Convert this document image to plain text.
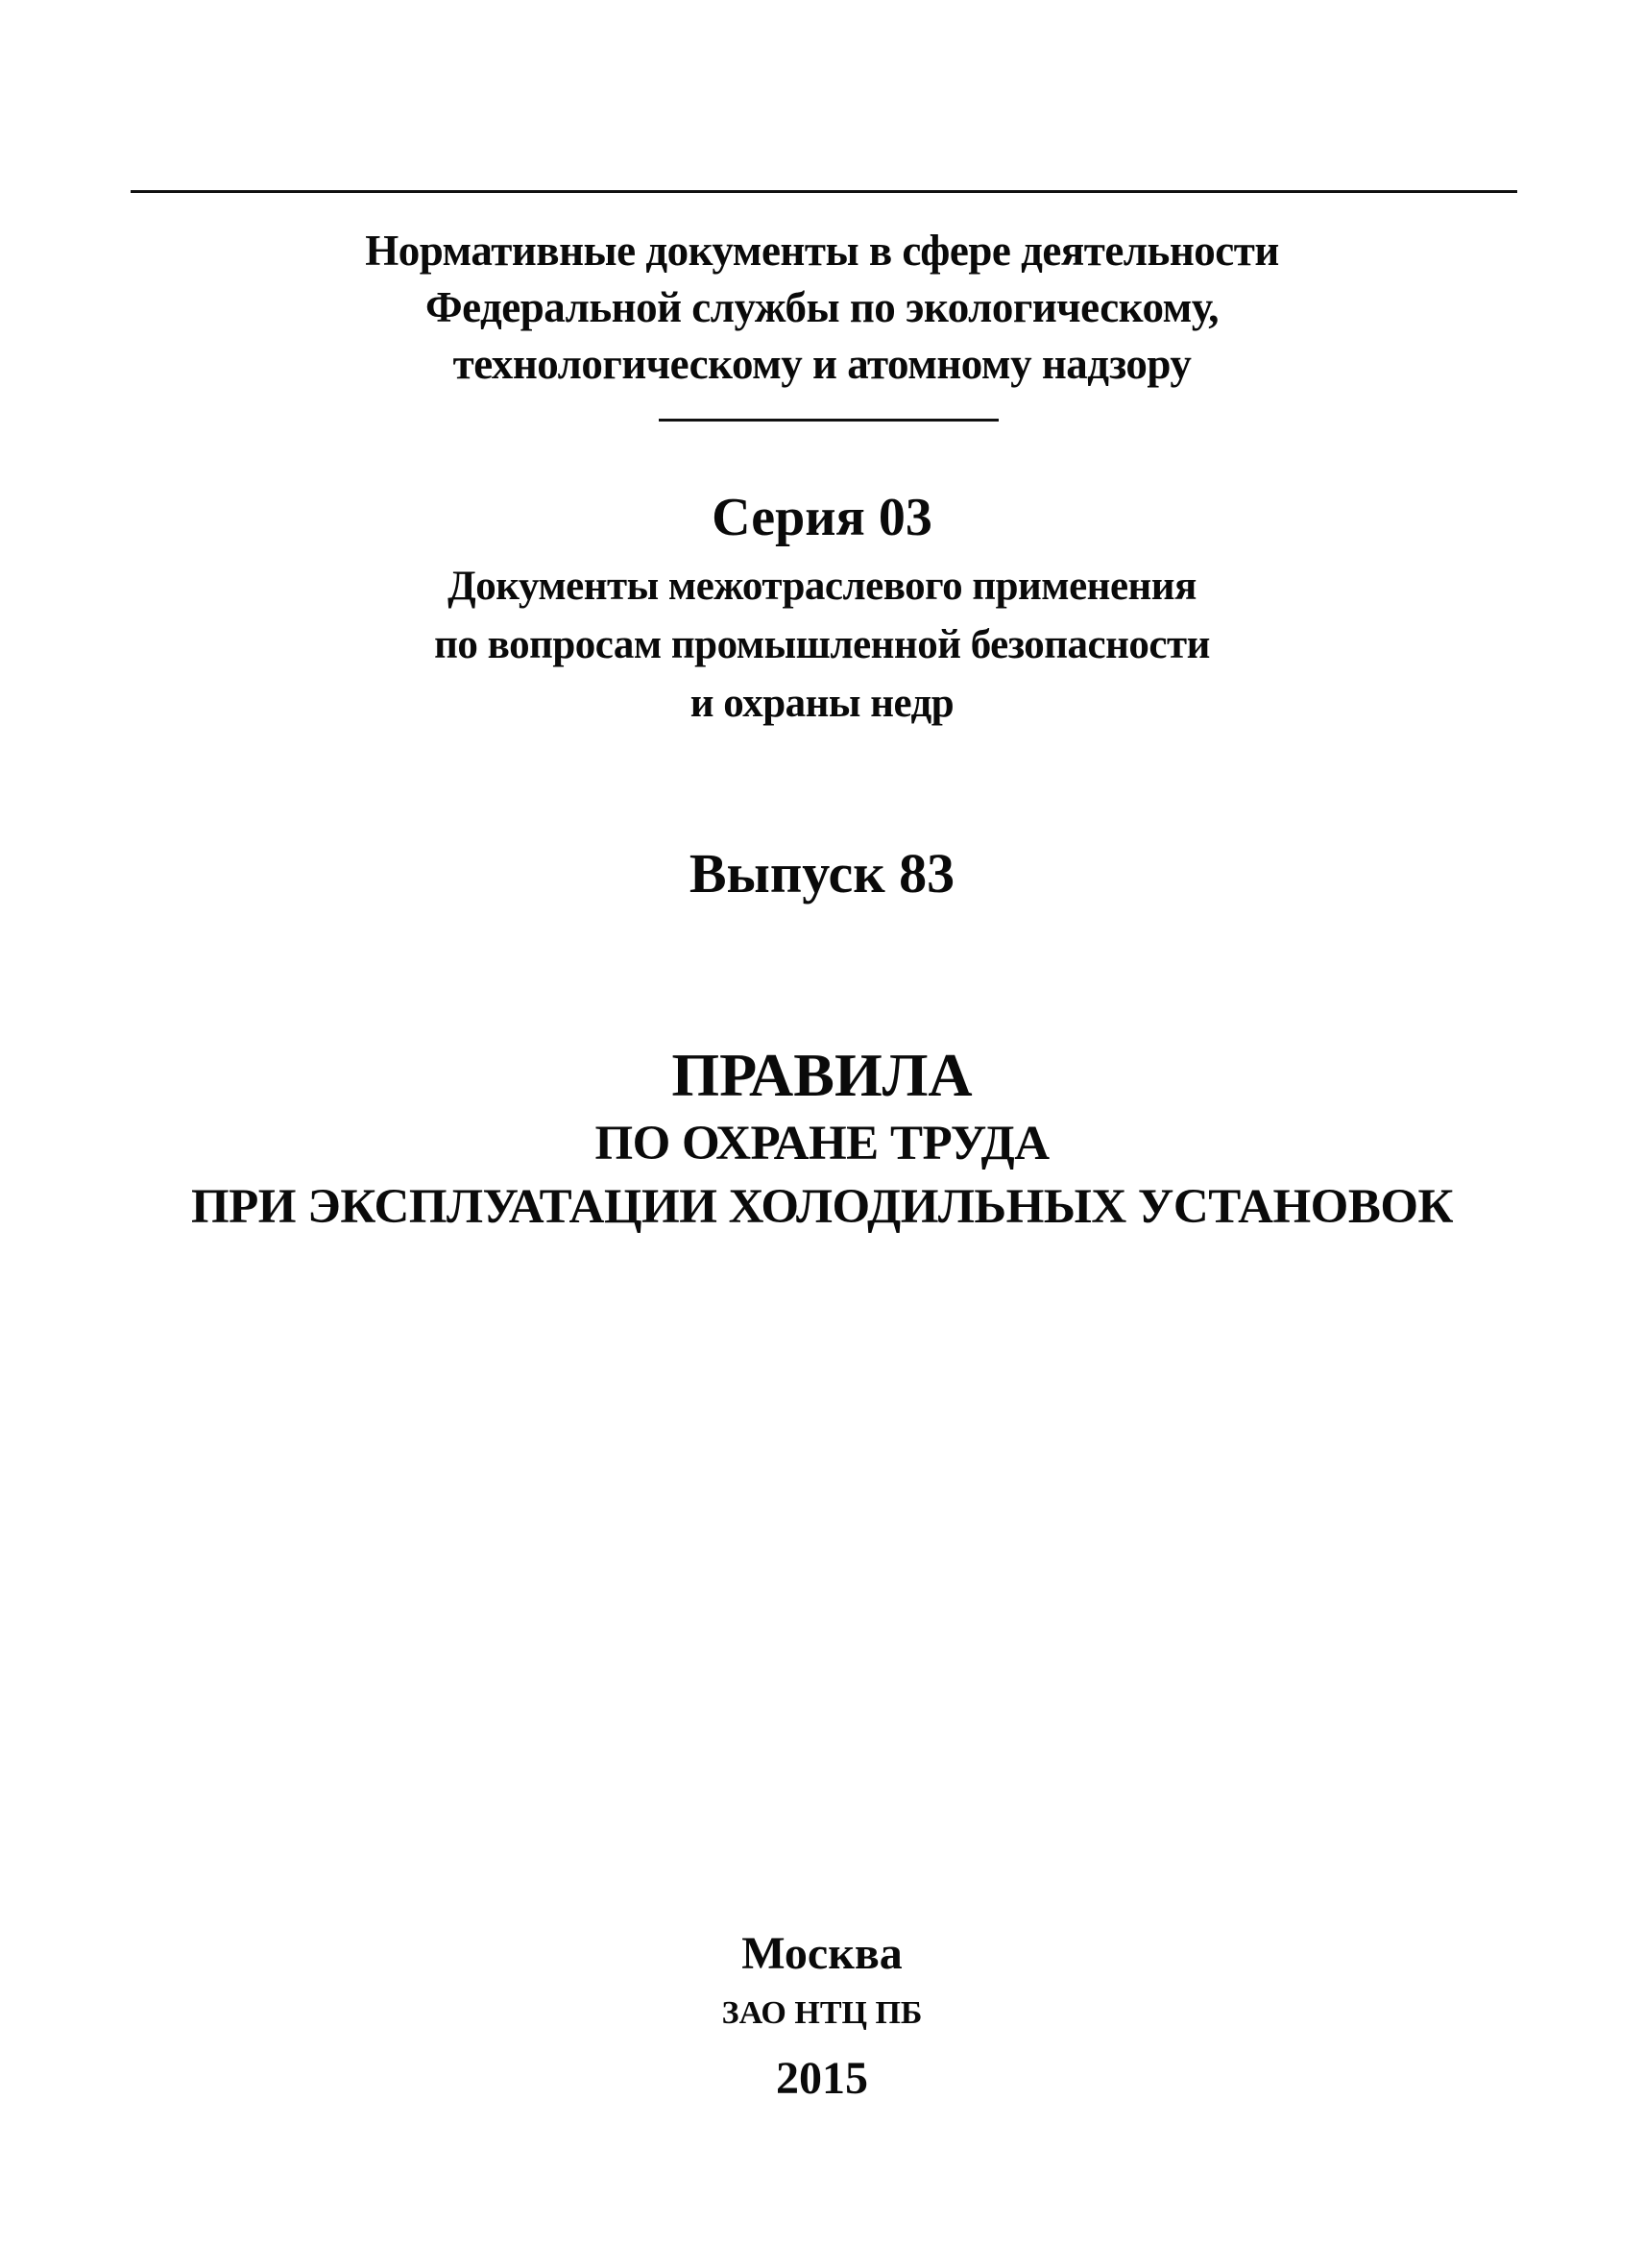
Нормативные документы в сфере деятельности
Федеральной службы по экологическому,
технологическому и атомному надзору
Серия 03
Документы межотраслевого применения
по вопросам промышленной безопасности
и охраны недр
Выпуск 83
ПРАВИЛА
ПО ОХРАНЕ ТРУДА
ПРИ ЭКСПЛУАТАЦИИ ХОЛОДИЛЬНЫХ УСТАНОВОК
Москва
ЗАО НТЦ ПБ
2015
